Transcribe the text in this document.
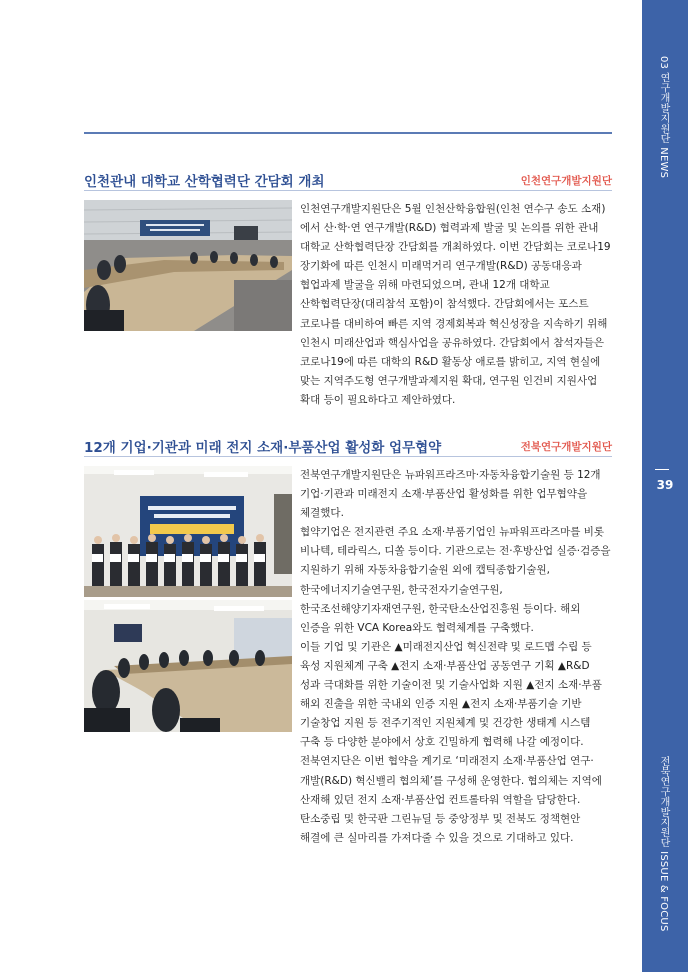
03 연구개발지원단 NEWS
39
전북연구개발지원단 ISSUE & FOCUS
인천관내 대학교 산학협력단 간담회 개최	인천연구개발지원단

인천연구개발지원단은 5월 인천산학융합원(인천 연수구 송도 소재)에서 산·학·연 연구개발(R&D) 협력과제 발굴 및 논의를 위한 관내 대학교 산학협력단장 간담회를 개최하였다. 이번 간담회는 코로나19 장기화에 따른 인천시 미래먹거리 연구개발(R&D) 공동대응과 협업과제 발굴을 위해 마련되었으며, 관내 12개 대학교 산학협력단장(대리참석 포함)이 참석했다. 간담회에서는 포스트 코로나를 대비하여 빠른 지역 경제회복과 혁신성장을 지속하기 위해 인천시 미래산업과 핵심사업을 공유하였다. 간담회에서 참석자들은 코로나19에 따른 대학의 R&D 활동상 애로를 밝히고, 지역 현실에 맞는 지역주도형 연구개발과제지원 확대, 연구원 인건비 지원사업 확대 등이 필요하다고 제안하였다.

12개 기업·기관과 미래 전지 소재·부품산업 활성화 업무협약	전북연구개발지원단

전북연구개발지원단은 뉴파워프라즈마·자동차융합기술원 등 12개 기업·기관과 미래전지 소재·부품산업 활성화를 위한 업무협약을 체결했다.

협약기업은 전지관련 주요 소재·부품기업인 뉴파워프라즈마를 비롯 비나텍, 테라릭스, 디쏠 등이다. 기관으로는 전·후방산업 실증·검증을 지원하기 위해 자동차융합기술원 외에 캡틱종합기술원, 한국에너지기술연구원, 한국전자기술연구원, 한국조선해양기자재연구원, 한국탄소산업진흥원 등이다. 해외 인증을 위한 VCA Korea와도 협력체계를 구축했다.

이들 기업 및 기관은 ▲미래전지산업 혁신전략 및 로드맵 수립 등 육성 지원체계 구축 ▲전지 소재·부품산업 공동연구 기획 ▲R&D 성과 극대화를 위한 기술이전 및 기술사업화 지원 ▲전지 소재·부품 해외 진출을 위한 국내외 인증 지원 ▲전지 소재·부품기술 기반 기술창업 지원 등 전주기적인 지원체계 및 건강한 생태계 시스템 구축 등 다양한 분야에서 상호 긴밀하게 협력해 나갈 예정이다.

전북연지단은 이번 협약을 계기로 ‘미래전지 소재·부품산업 연구·개발(R&D) 혁신밸리 협의체’를 구성해 운영한다. 협의체는 지역에 산재해 있던 전지 소재·부품산업 컨트롤타워 역할을 담당한다. 탄소중립 및 한국판 그린뉴딜 등 중앙정부 및 전북도 정책현안 해결에 큰 실마리를 가져다줄 수 있을 것으로 기대하고 있다.
